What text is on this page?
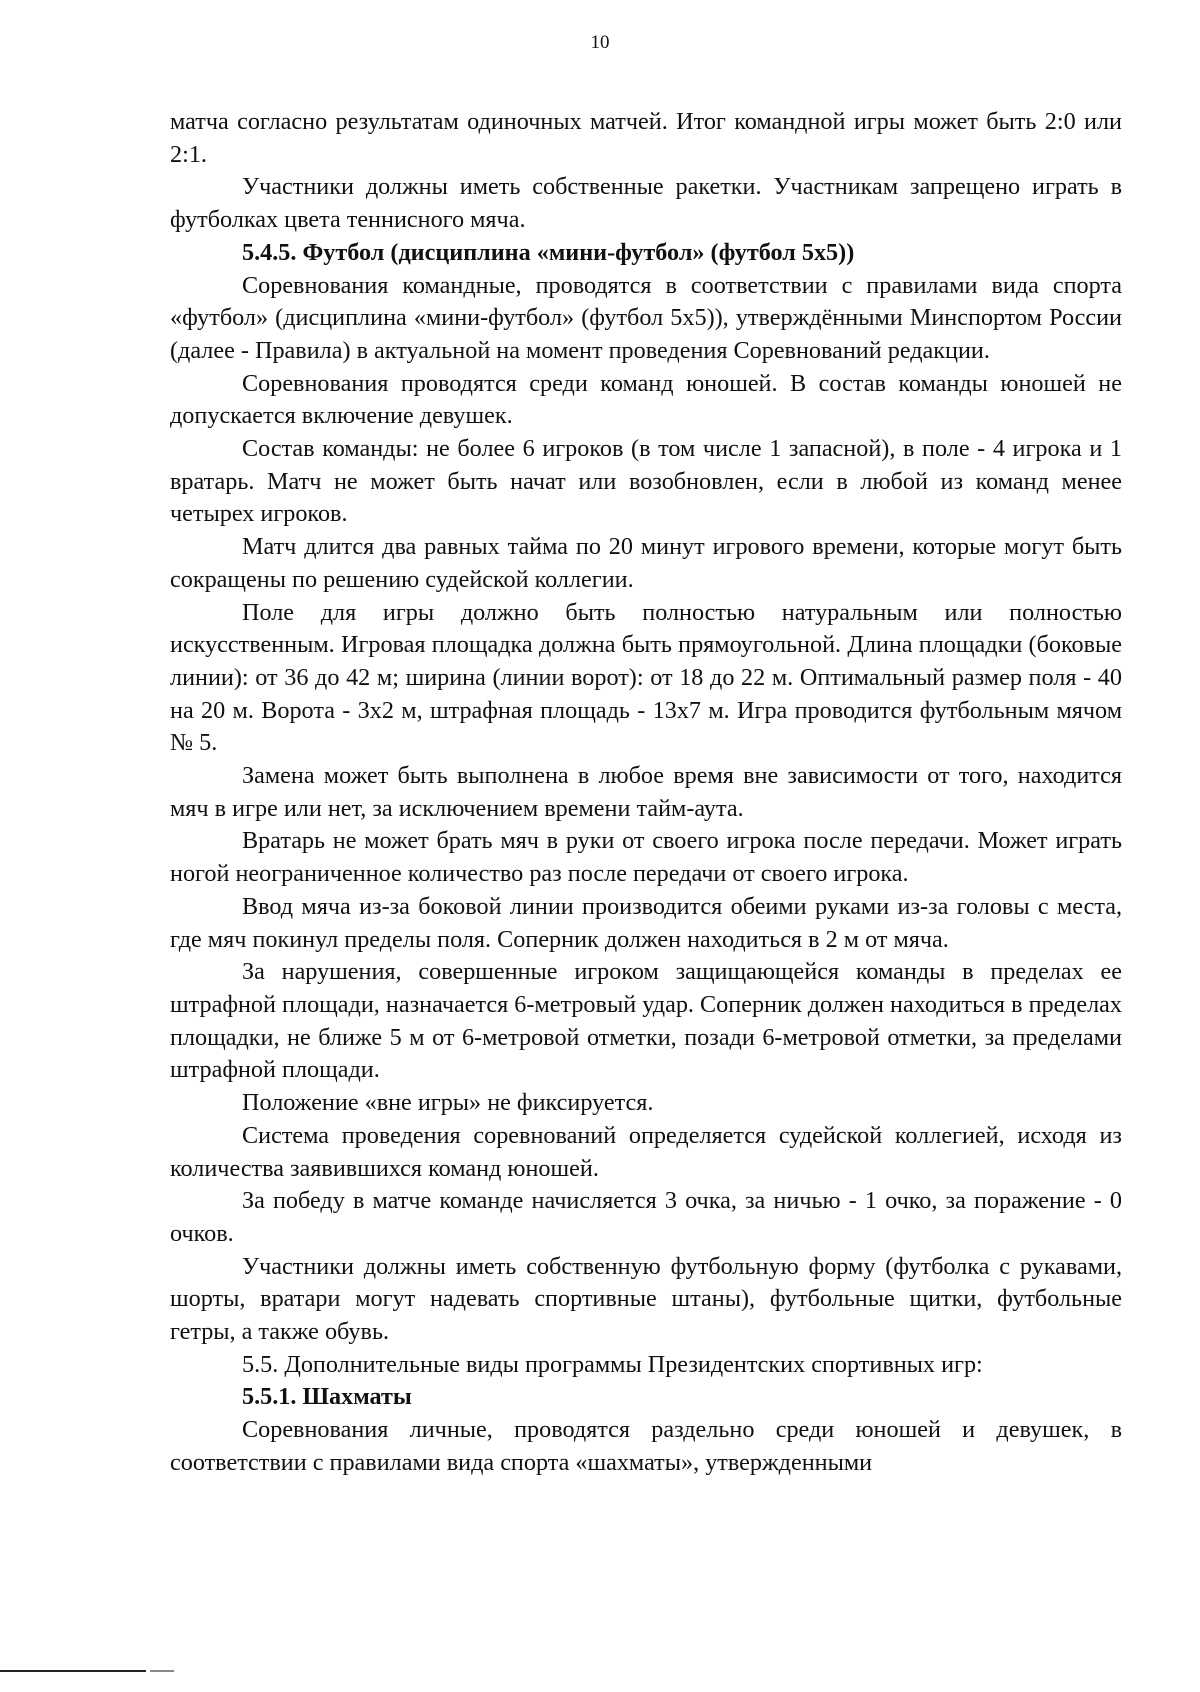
10

матча согласно результатам одиночных матчей. Итог командной игры может быть 2:0 или 2:1.

Участники должны иметь собственные ракетки. Участникам запрещено играть в футболках цвета теннисного мяча.

5.4.5. Футбол (дисциплина «мини-футбол» (футбол 5х5))

Соревнования командные, проводятся в соответствии с правилами вида спорта «футбол» (дисциплина «мини-футбол» (футбол 5х5)), утверждёнными Минспортом России (далее - Правила) в актуальной на момент проведения Соревнований редакции.

Соревнования проводятся среди команд юношей. В состав команды юношей не допускается включение девушек.

Состав команды: не более 6 игроков (в том числе 1 запасной), в поле - 4 игрока и 1 вратарь. Матч не может быть начат или возобновлен, если в любой из команд менее четырех игроков.

Матч длится два равных тайма по 20 минут игрового времени, которые могут быть сокращены по решению судейской коллегии.

Поле для игры должно быть полностью натуральным или полностью искусственным. Игровая площадка должна быть прямоугольной. Длина площадки (боковые линии): от 36 до 42 м; ширина (линии ворот): от 18 до 22 м. Оптимальный размер поля - 40 на 20 м. Ворота - 3х2 м, штрафная площадь - 13х7 м. Игра проводится футбольным мячом № 5.

Замена может быть выполнена в любое время вне зависимости от того, находится мяч в игре или нет, за исключением времени тайм-аута.

Вратарь не может брать мяч в руки от своего игрока после передачи. Может играть ногой неограниченное количество раз после передачи от своего игрока.

Ввод мяча из-за боковой линии производится обеими руками из-за головы с места, где мяч покинул пределы поля. Соперник должен находиться в 2 м от мяча.

За нарушения, совершенные игроком защищающейся команды в пределах ее штрафной площади, назначается 6-метровый удар. Соперник должен находиться в пределах площадки, не ближе 5 м от 6-метровой отметки, позади 6-метровой отметки, за пределами штрафной площади.

Положение «вне игры» не фиксируется.

Система проведения соревнований определяется судейской коллегией, исходя из количества заявившихся команд юношей.

За победу в матче команде начисляется 3 очка, за ничью - 1 очко, за поражение - 0 очков.

Участники должны иметь собственную футбольную форму (футболка с рукавами, шорты, вратари могут надевать спортивные штаны), футбольные щитки, футбольные гетры, а также обувь.

5.5. Дополнительные виды программы Президентских спортивных игр:

5.5.1. Шахматы

Соревнования личные, проводятся раздельно среди юношей и девушек, в соответствии с правилами вида спорта «шахматы», утвержденными
